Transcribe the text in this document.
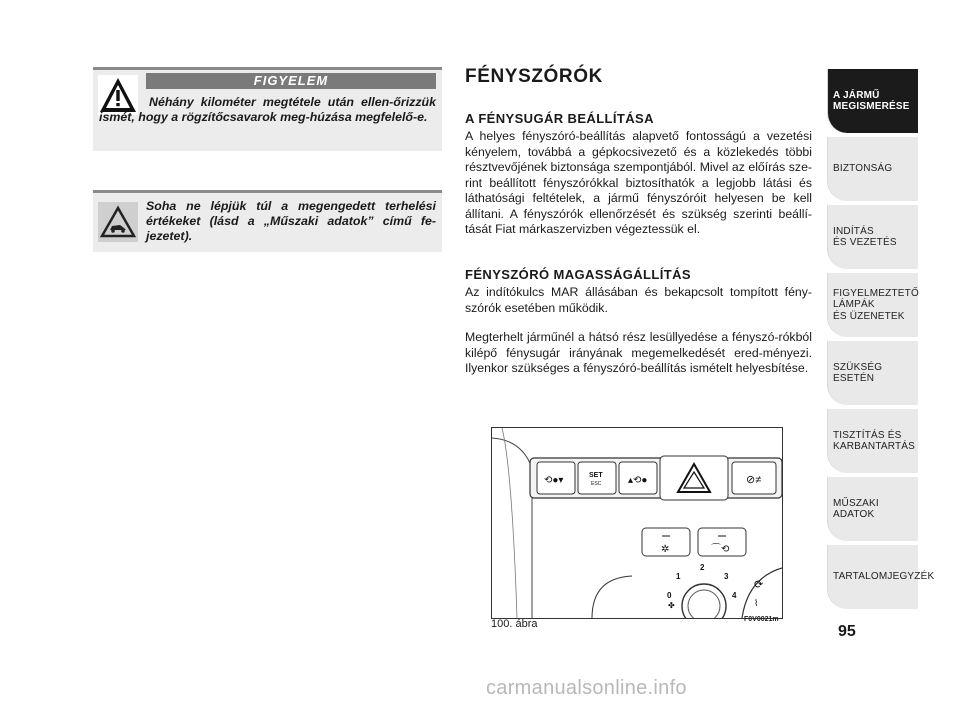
FIGYELEM
Néhány kilométer megtétele után ellen-őrizzük ismét, hogy a rögzítőcsavarok meg-húzása megfelelő-e.
Soha ne lépjük túl a megengedett terhelési értékeket (lásd a „Műszaki adatok” című fe-jezetet).
FÉNYSZÓRÓK
A FÉNYSUGÁR BEÁLLÍTÁSA
A helyes fényszóró-beállítás alapvető fontosságú a vezetési kényelem, továbbá a gépkocsivezető és a közlekedés többi résztvevőjének biztonsága szempontjából. Mivel az előírás sze-rint beállított fényszórókkal biztosíthatók a legjobb látási és láthatósági feltételek, a jármű fényszóróit helyesen be kell állítani. A fényszórók ellenőrzését és szükség szerinti beállí-tását Fiat márkaszervizben végeztessük el.
FÉNYSZÓRÓ MAGASSÁGÁLLÍTÁS
Az indítókulcs MAR állásában és bekapcsolt tompított fény-szórók esetében működik.
Megterhelt járműnél a hátsó rész lesüllyedése a fényszó-rókból kilépő fénysugár irányának megemelkedését ered-ményezi. Ilyenkor szükséges a fényszóró-beállítás ismételt helyesbítése.
⟲●▾	SET
ESC	▴⟲●	⊘≠
✲	⌒⟲
0
1
2
3
4
✤
⟳
⌇
100. ábra	F0V0021m
A JÁRMŰ
MEGISMERÉSE
BIZTONSÁG
INDÍTÁS
ÉS VEZETÉS
FIGYELMEZTETŐ
LÁMPÁK
ÉS ÜZENETEK
SZÜKSÉG
ESETÉN
TISZTÍTÁS ÉS
KARBANTARTÁS
MŰSZAKI
ADATOK
TARTALOMJEGYZÉK
95
carmanualsonline.info
